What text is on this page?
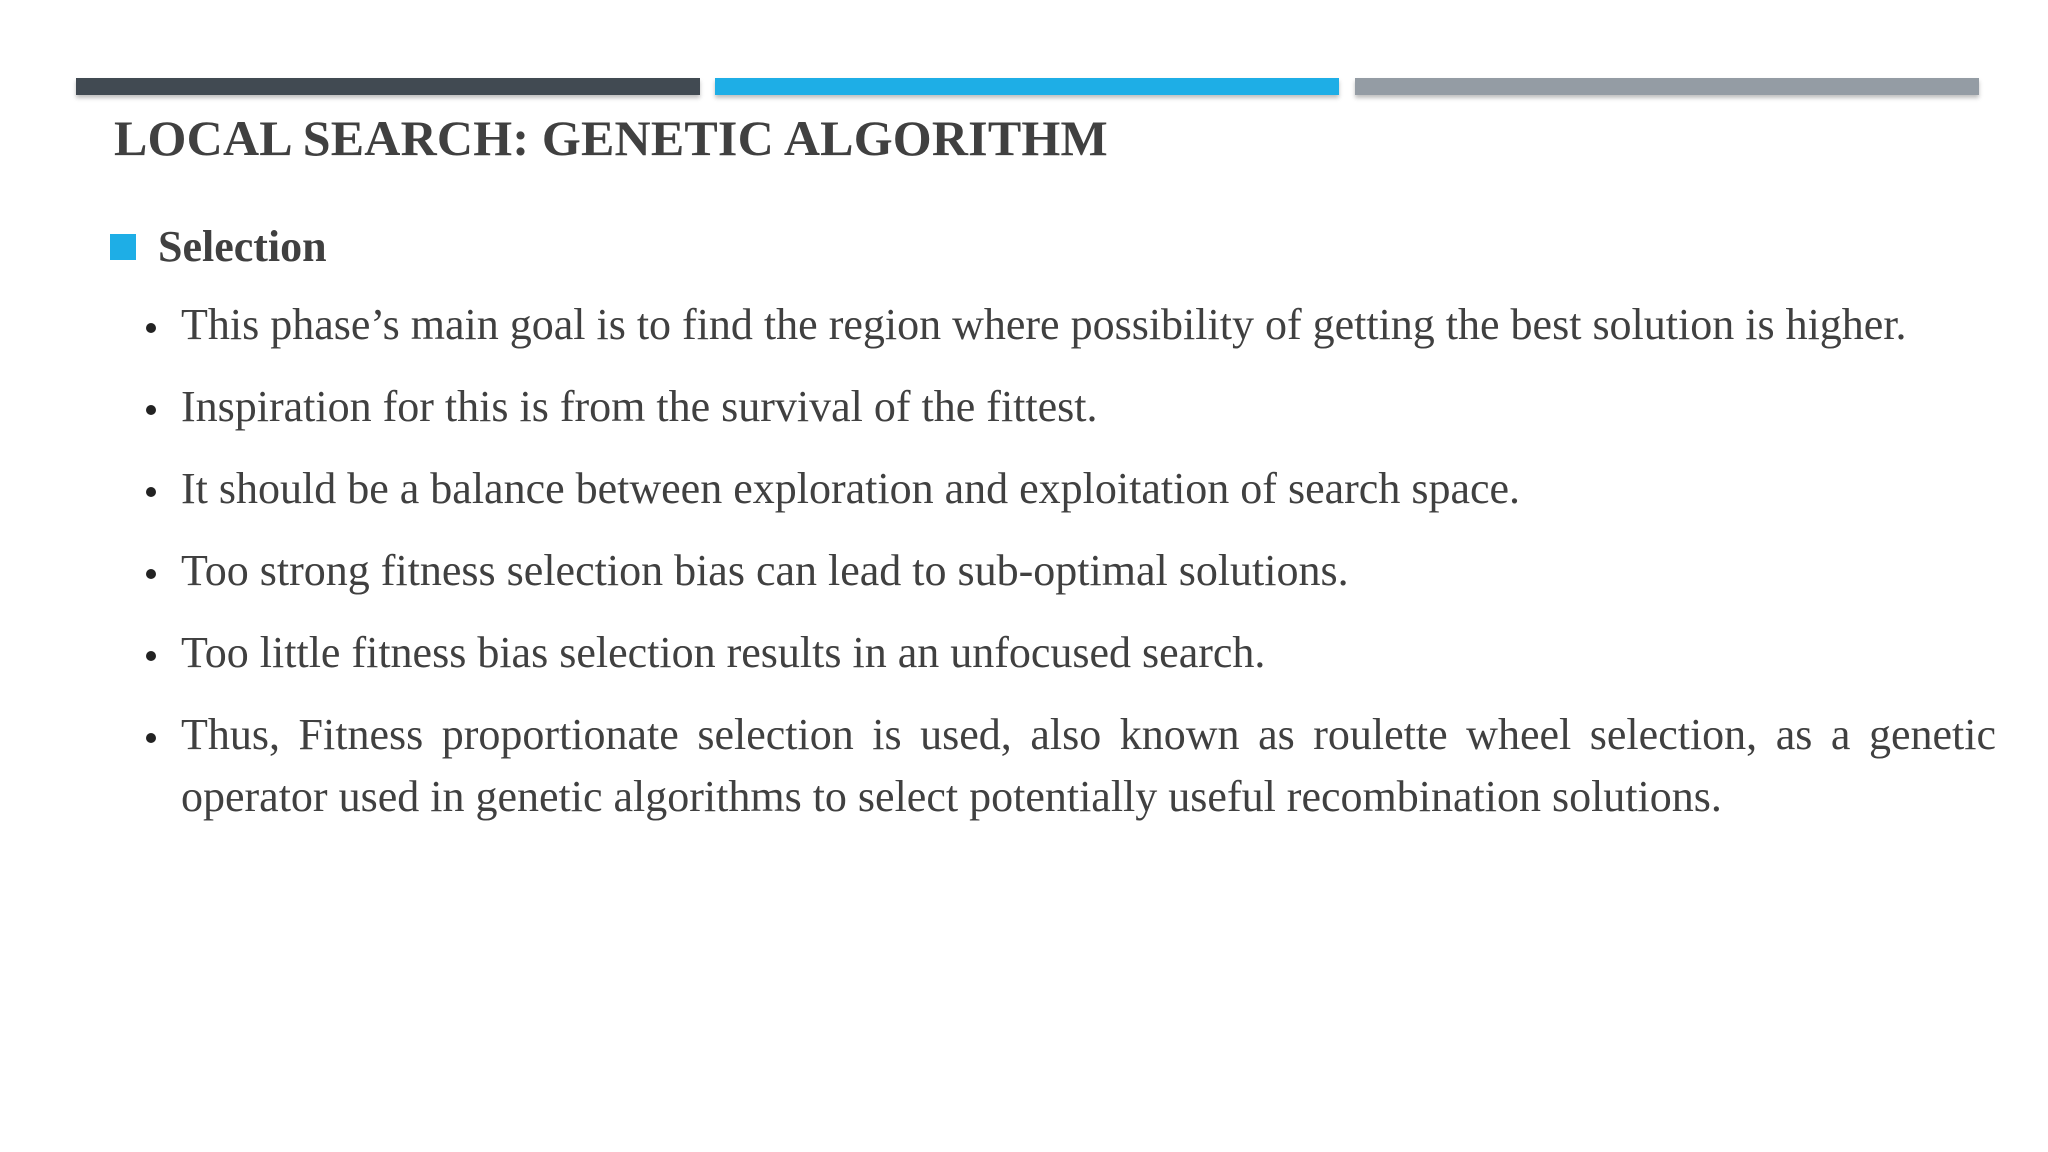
LOCAL SEARCH: GENETIC ALGORITHM
Selection
This phase’s main goal is to find the region where possibility of getting the best solution is higher.
Inspiration for this is from the survival of the fittest.
It should be a balance between exploration and exploitation of search space.
Too strong fitness selection bias can lead to sub-optimal solutions.
Too little fitness bias selection results in an unfocused search.
Thus, Fitness proportionate selection is used, also known as roulette wheel selection, as a genetic operator used in genetic algorithms to select potentially useful recombination solutions.
